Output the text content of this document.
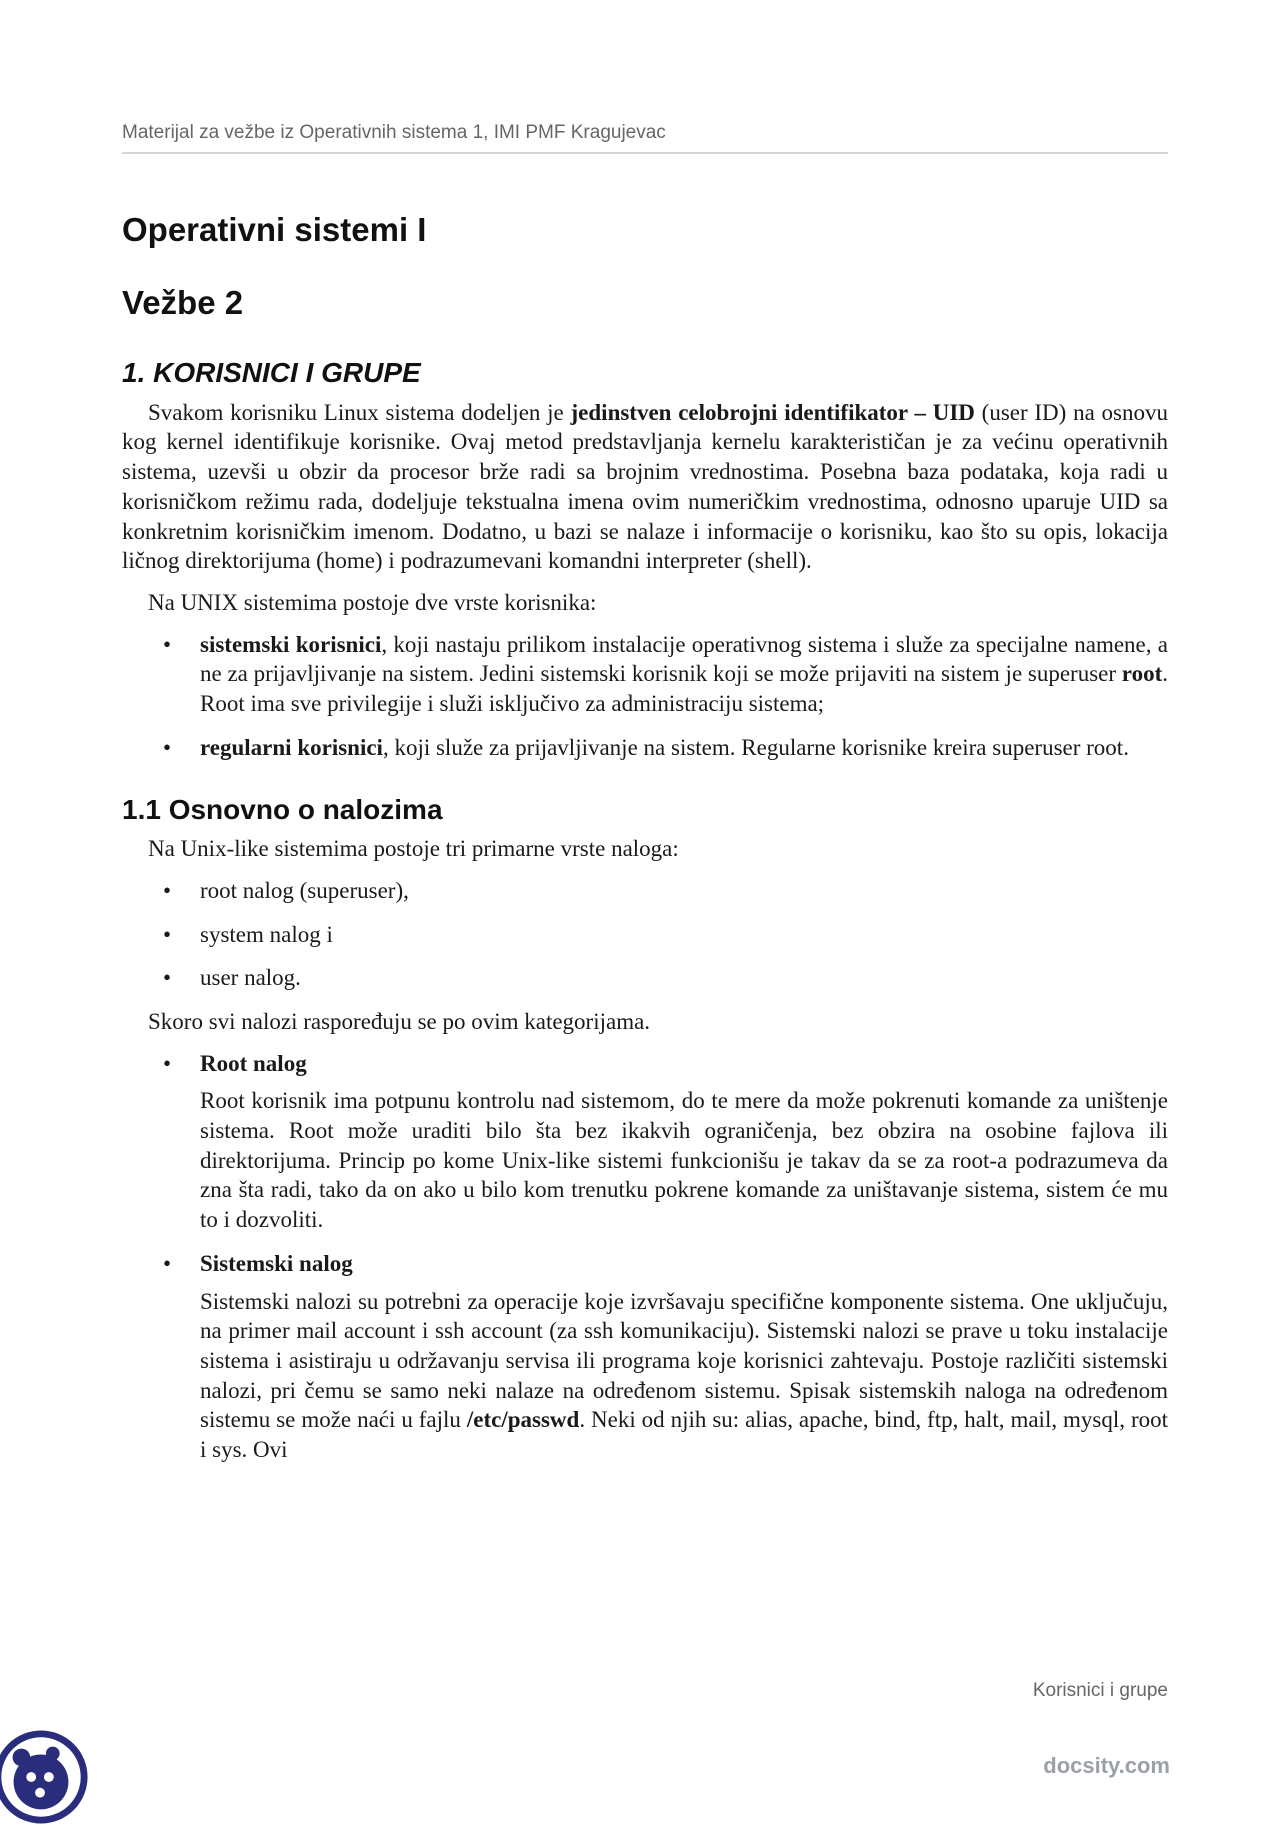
Materijal za vežbe iz Operativnih sistema 1, IMI PMF Kragujevac
Operativni sistemi I
Vežbe 2
1. KORISNICI I GRUPE

Svakom korisniku Linux sistema dodeljen je jedinstven celobrojni identifikator – UID (user ID) na osnovu kog kernel identifikuje korisnike. Ovaj metod predstavljanja kernelu karakterističan je za većinu operativnih sistema, uzevši u obzir da procesor brže radi sa brojnim vrednostima. Posebna baza podataka, koja radi u korisničkom režimu rada, dodeljuje tekstualna imena ovim numeričkim vrednostima, odnosno uparuje UID sa konkretnim korisničkim imenom. Dodatno, u bazi se nalaze i informacije o korisniku, kao što su opis, lokacija ličnog direktorijuma (home) i podrazumevani komandni interpreter (shell).

Na UNIX sistemima postoje dve vrste korisnika:

• sistemski korisnici, koji nastaju prilikom instalacije operativnog sistema i služe za specijalne namene, a ne za prijavljivanje na sistem. Jedini sistemski korisnik koji se može prijaviti na sistem je superuser root. Root ima sve privilegije i služi isključivo za administraciju sistema;
• regularni korisnici, koji služe za prijavljivanje na sistem. Regularne korisnike kreira superuser root.
1.1 Osnovno o nalozima

Na Unix-like sistemima postoje tri primarne vrste naloga:

• root nalog (superuser),
• system nalog i
• user nalog.

Skoro svi nalozi raspoređuju se po ovim kategorijama.

• Root nalog

Root korisnik ima potpunu kontrolu nad sistemom, do te mere da može pokrenuti komande za uništenje sistema. Root može uraditi bilo šta bez ikakvih ograničenja, bez obzira na osobine fajlova ili direktorijuma. Princip po kome Unix-like sistemi funkcionišu je takav da se za root-a podrazumeva da zna šta radi, tako da on ako u bilo kom trenutku pokrene komande za uništavanje sistema, sistem će mu to i dozvoliti.

• Sistemski nalog

Sistemski nalozi su potrebni za operacije koje izvršavaju specifične komponente sistema. One uključuju, na primer mail account i ssh account (za ssh komunikaciju). Sistemski nalozi se prave u toku instalacije sistema i asistiraju u održavanju servisa ili programa koje korisnici zahtevaju. Postoje različiti sistemski nalozi, pri čemu se samo neki nalaze na određenom sistemu. Spisak sistemskih naloga na određenom sistemu se može naći u fajlu /etc/passwd. Neki od njih su: alias, apache, bind, ftp, halt, mail, mysql, root i sys. Ovi

Korisnici i grupe
docsity.com
